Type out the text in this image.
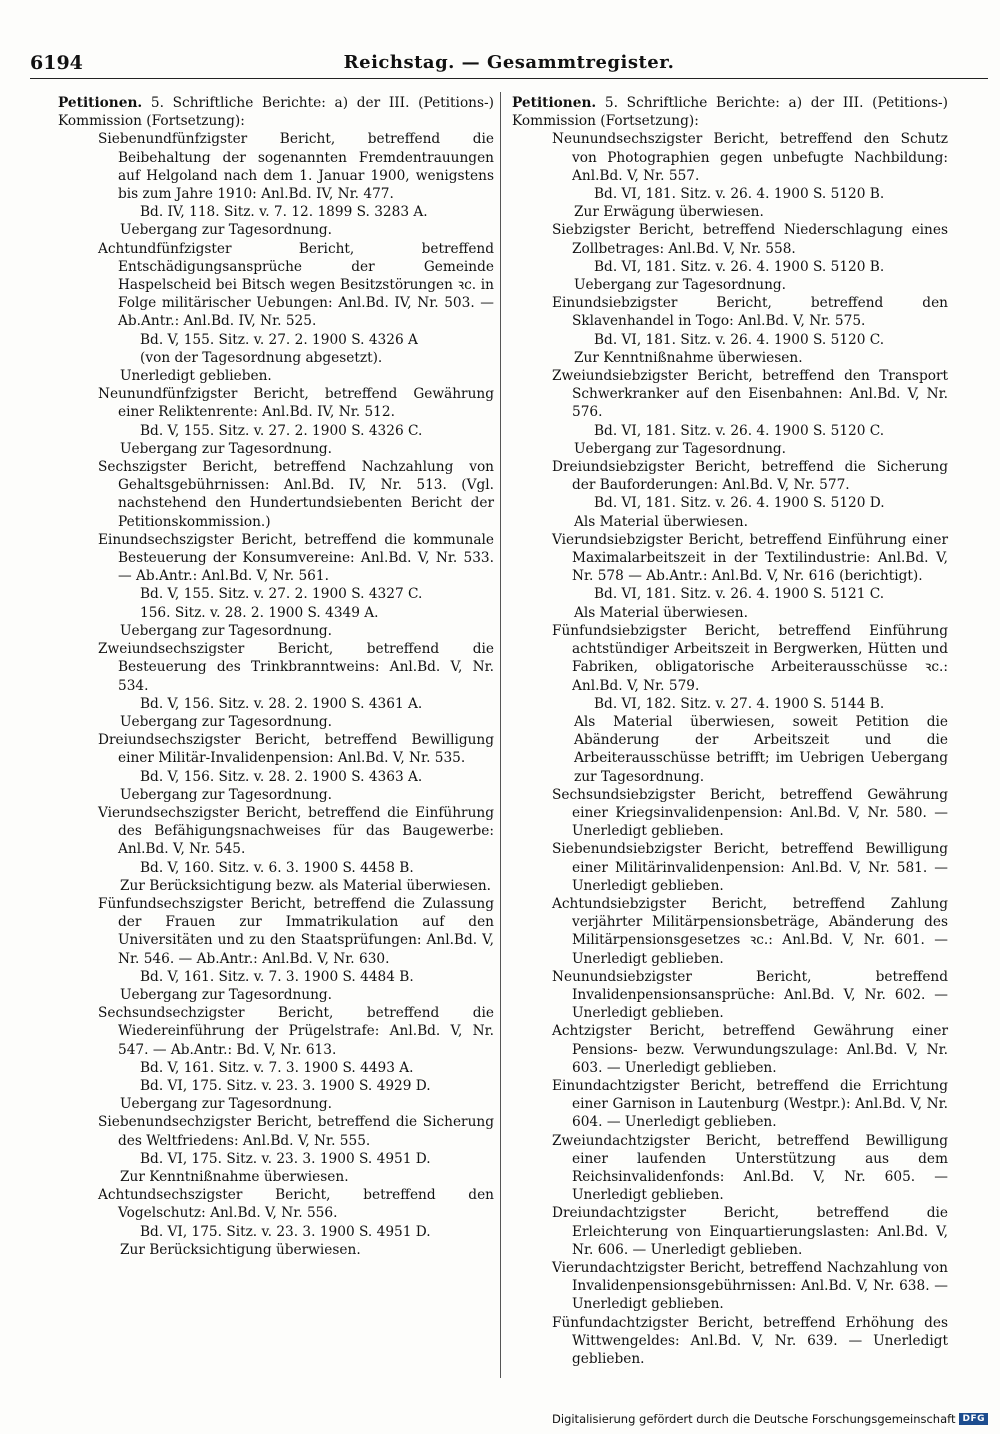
6194	Reichstag. — Gesammtregister.

Petitionen. 5. Schriftliche Berichte: a) der III. (Petitions-) Kommission (Fortsetzung):

Siebenundfünfzigster Bericht, betreffend die Beibehaltung der sogenannten Fremdentrauungen auf Helgoland nach dem 1. Januar 1900, wenigstens bis zum Jahre 1910: Anl.Bd. IV, Nr. 477.

Bd. IV, 118. Sitz. v. 7. 12. 1899 S. 3283 A.

Uebergang zur Tagesordnung.

Achtundfünfzigster Bericht, betreffend Entschädigungsansprüche der Gemeinde Haspelscheid bei Bitsch wegen Besitzstörungen ꝛc. in Folge militärischer Uebungen: Anl.Bd. IV, Nr. 503. — Ab.Antr.: Anl.Bd. IV, Nr. 525.

Bd. V, 155. Sitz. v. 27. 2. 1900 S. 4326 A

(von der Tagesordnung abgesetzt).

Unerledigt geblieben.

Neunundfünfzigster Bericht, betreffend Gewährung einer Reliktenrente: Anl.Bd. IV, Nr. 512.

Bd. V, 155. Sitz. v. 27. 2. 1900 S. 4326 C.

Uebergang zur Tagesordnung.

Sechszigster Bericht, betreffend Nachzahlung von Gehaltsgebührnissen: Anl.Bd. IV, Nr. 513. (Vgl. nachstehend den Hundertundsiebenten Bericht der Petitionskommission.)

Einundsechszigster Bericht, betreffend die kommunale Besteuerung der Konsumvereine: Anl.Bd. V, Nr. 533. — Ab.Antr.: Anl.Bd. V, Nr. 561.

Bd. V, 155. Sitz. v. 27. 2. 1900 S. 4327 C.

156. Sitz. v. 28. 2. 1900 S. 4349 A.

Uebergang zur Tagesordnung.

Zweiundsechszigster Bericht, betreffend die Besteuerung des Trinkbranntweins: Anl.Bd. V, Nr. 534.

Bd. V, 156. Sitz. v. 28. 2. 1900 S. 4361 A.

Uebergang zur Tagesordnung.

Dreiundsechszigster Bericht, betreffend Bewilligung einer Militär-Invalidenpension: Anl.Bd. V, Nr. 535.

Bd. V, 156. Sitz. v. 28. 2. 1900 S. 4363 A.

Uebergang zur Tagesordnung.

Vierundsechszigster Bericht, betreffend die Einführung des Befähigungsnachweises für das Baugewerbe: Anl.Bd. V, Nr. 545.

Bd. V, 160. Sitz. v. 6. 3. 1900 S. 4458 B.

Zur Berücksichtigung bezw. als Material überwiesen.

Fünfundsechszigster Bericht, betreffend die Zulassung der Frauen zur Immatrikulation auf den Universitäten und zu den Staatsprüfungen: Anl.Bd. V, Nr. 546. — Ab.Antr.: Anl.Bd. V, Nr. 630.

Bd. V, 161. Sitz. v. 7. 3. 1900 S. 4484 B.

Uebergang zur Tagesordnung.

Sechsundsechzigster Bericht, betreffend die Wiedereinführung der Prügelstrafe: Anl.Bd. V, Nr. 547. — Ab.Antr.: Bd. V, Nr. 613.

Bd. V, 161. Sitz. v. 7. 3. 1900 S. 4493 A.

Bd. VI, 175. Sitz. v. 23. 3. 1900 S. 4929 D.

Uebergang zur Tagesordnung.

Siebenundsechzigster Bericht, betreffend die Sicherung des Weltfriedens: Anl.Bd. V, Nr. 555.

Bd. VI, 175. Sitz. v. 23. 3. 1900 S. 4951 D.

Zur Kenntnißnahme überwiesen.

Achtundsechszigster Bericht, betreffend den Vogelschutz: Anl.Bd. V, Nr. 556.

Bd. VI, 175. Sitz. v. 23. 3. 1900 S. 4951 D.

Zur Berücksichtigung überwiesen.

Petitionen. 5. Schriftliche Berichte: a) der III. (Petitions-) Kommission (Fortsetzung):

Neunundsechszigster Bericht, betreffend den Schutz von Photographien gegen unbefugte Nachbildung: Anl.Bd. V, Nr. 557.

Bd. VI, 181. Sitz. v. 26. 4. 1900 S. 5120 B.

Zur Erwägung überwiesen.

Siebzigster Bericht, betreffend Niederschlagung eines Zollbetrages: Anl.Bd. V, Nr. 558.

Bd. VI, 181. Sitz. v. 26. 4. 1900 S. 5120 B.

Uebergang zur Tagesordnung.

Einundsiebzigster Bericht, betreffend den Sklavenhandel in Togo: Anl.Bd. V, Nr. 575.

Bd. VI, 181. Sitz. v. 26. 4. 1900 S. 5120 C.

Zur Kenntnißnahme überwiesen.

Zweiundsiebzigster Bericht, betreffend den Transport Schwerkranker auf den Eisenbahnen: Anl.Bd. V, Nr. 576.

Bd. VI, 181. Sitz. v. 26. 4. 1900 S. 5120 C.

Uebergang zur Tagesordnung.

Dreiundsiebzigster Bericht, betreffend die Sicherung der Bauforderungen: Anl.Bd. V, Nr. 577.

Bd. VI, 181. Sitz. v. 26. 4. 1900 S. 5120 D.

Als Material überwiesen.

Vierundsiebzigster Bericht, betreffend Einführung einer Maximalarbeitszeit in der Textilindustrie: Anl.Bd. V, Nr. 578 — Ab.Antr.: Anl.Bd. V, Nr. 616 (berichtigt).

Bd. VI, 181. Sitz. v. 26. 4. 1900 S. 5121 C.

Als Material überwiesen.

Fünfundsiebzigster Bericht, betreffend Einführung achtstündiger Arbeitszeit in Bergwerken, Hütten und Fabriken, obligatorische Arbeiterausschüsse ꝛc.: Anl.Bd. V, Nr. 579.

Bd. VI, 182. Sitz. v. 27. 4. 1900 S. 5144 B.

Als Material überwiesen, soweit Petition die Abänderung der Arbeitszeit und die Arbeiterausschüsse betrifft; im Uebrigen Uebergang zur Tagesordnung.

Sechsundsiebzigster Bericht, betreffend Gewährung einer Kriegsinvalidenpension: Anl.Bd. V, Nr. 580. — Unerledigt geblieben.

Siebenundsiebzigster Bericht, betreffend Bewilligung einer Militärinvalidenpension: Anl.Bd. V, Nr. 581. — Unerledigt geblieben.

Achtundsiebzigster Bericht, betreffend Zahlung verjährter Militärpensionsbeträge, Abänderung des Militärpensionsgesetzes ꝛc.: Anl.Bd. V, Nr. 601. — Unerledigt geblieben.

Neunundsiebzigster Bericht, betreffend Invalidenpensionsansprüche: Anl.Bd. V, Nr. 602. — Unerledigt geblieben.

Achtzigster Bericht, betreffend Gewährung einer Pensions- bezw. Verwundungszulage: Anl.Bd. V, Nr. 603. — Unerledigt geblieben.

Einundachtzigster Bericht, betreffend die Errichtung einer Garnison in Lautenburg (Westpr.): Anl.Bd. V, Nr. 604. — Unerledigt geblieben.

Zweiundachtzigster Bericht, betreffend Bewilligung einer laufenden Unterstützung aus dem Reichsinvalidenfonds: Anl.Bd. V, Nr. 605. — Unerledigt geblieben.

Dreiundachtzigster Bericht, betreffend die Erleichterung von Einquartierungslasten: Anl.Bd. V, Nr. 606. — Unerledigt geblieben.

Vierundachtzigster Bericht, betreffend Nachzahlung von Invalidenpensionsgebührnissen: Anl.Bd. V, Nr. 638. — Unerledigt geblieben.

Fünfundachtzigster Bericht, betreffend Erhöhung des Wittwengeldes: Anl.Bd. V, Nr. 639. — Unerledigt geblieben.

Digitalisierung gefördert durch die Deutsche Forschungsgemeinschaft DFG
